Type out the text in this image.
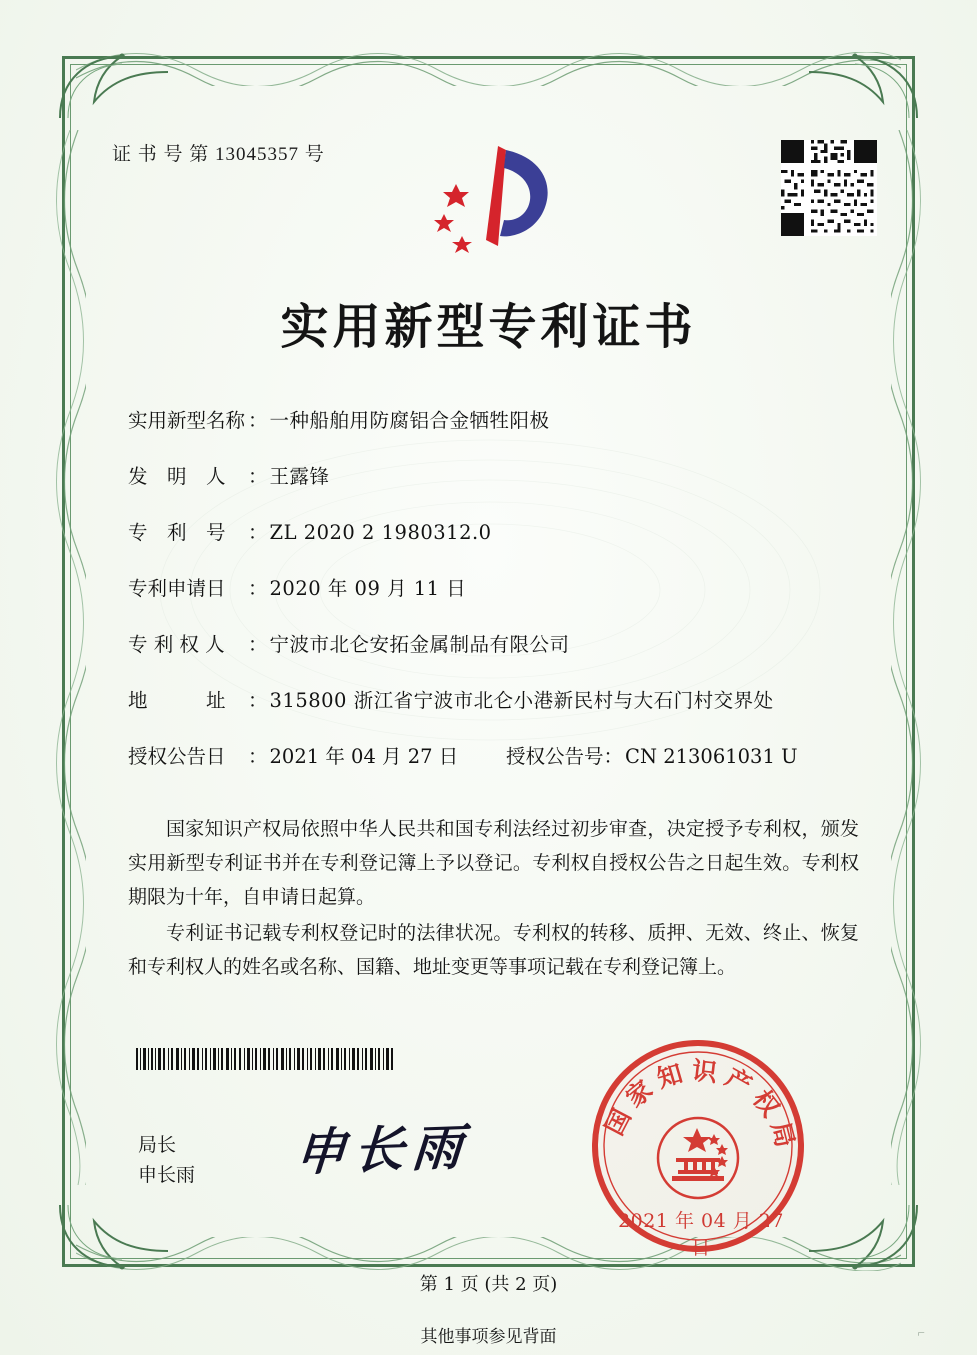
证 书 号 第 13045357 号
实用新型专利证书
实用新型名称 ： 一种船舶用防腐铝合金牺牲阳极
发　明　人	： 王露锋
专　利　号	： ZL 2020 2 1980312.0
专利申请日	： 2020 年 09 月 11 日
专 利 权 人	： 宁波市北仑安拓金属制品有限公司
地　　　址	： 315800 浙江省宁波市北仑小港新民村与大石门村交界处
授权公告日	： 2021 年 04 月 27 日 授权公告号 ： CN 213061031 U

国家知识产权局依照中华人民共和国专利法经过初步审查，决定授予专利权，颁发实用新型专利证书并在专利登记簿上予以登记。专利权自授权公告之日起生效。专利权期限为十年，自申请日起算。

专利证书记载专利权登记时的法律状况。专利权的转移、质押、无效、终止、恢复和专利权人的姓名或名称、国籍、地址变更等事项记载在专利登记簿上。

局长
申长雨 申长雨	国家知识产权局
2021 年 04 月 27 日
第 1 页 (共 2 页)
其他事项参见背面	⌐
